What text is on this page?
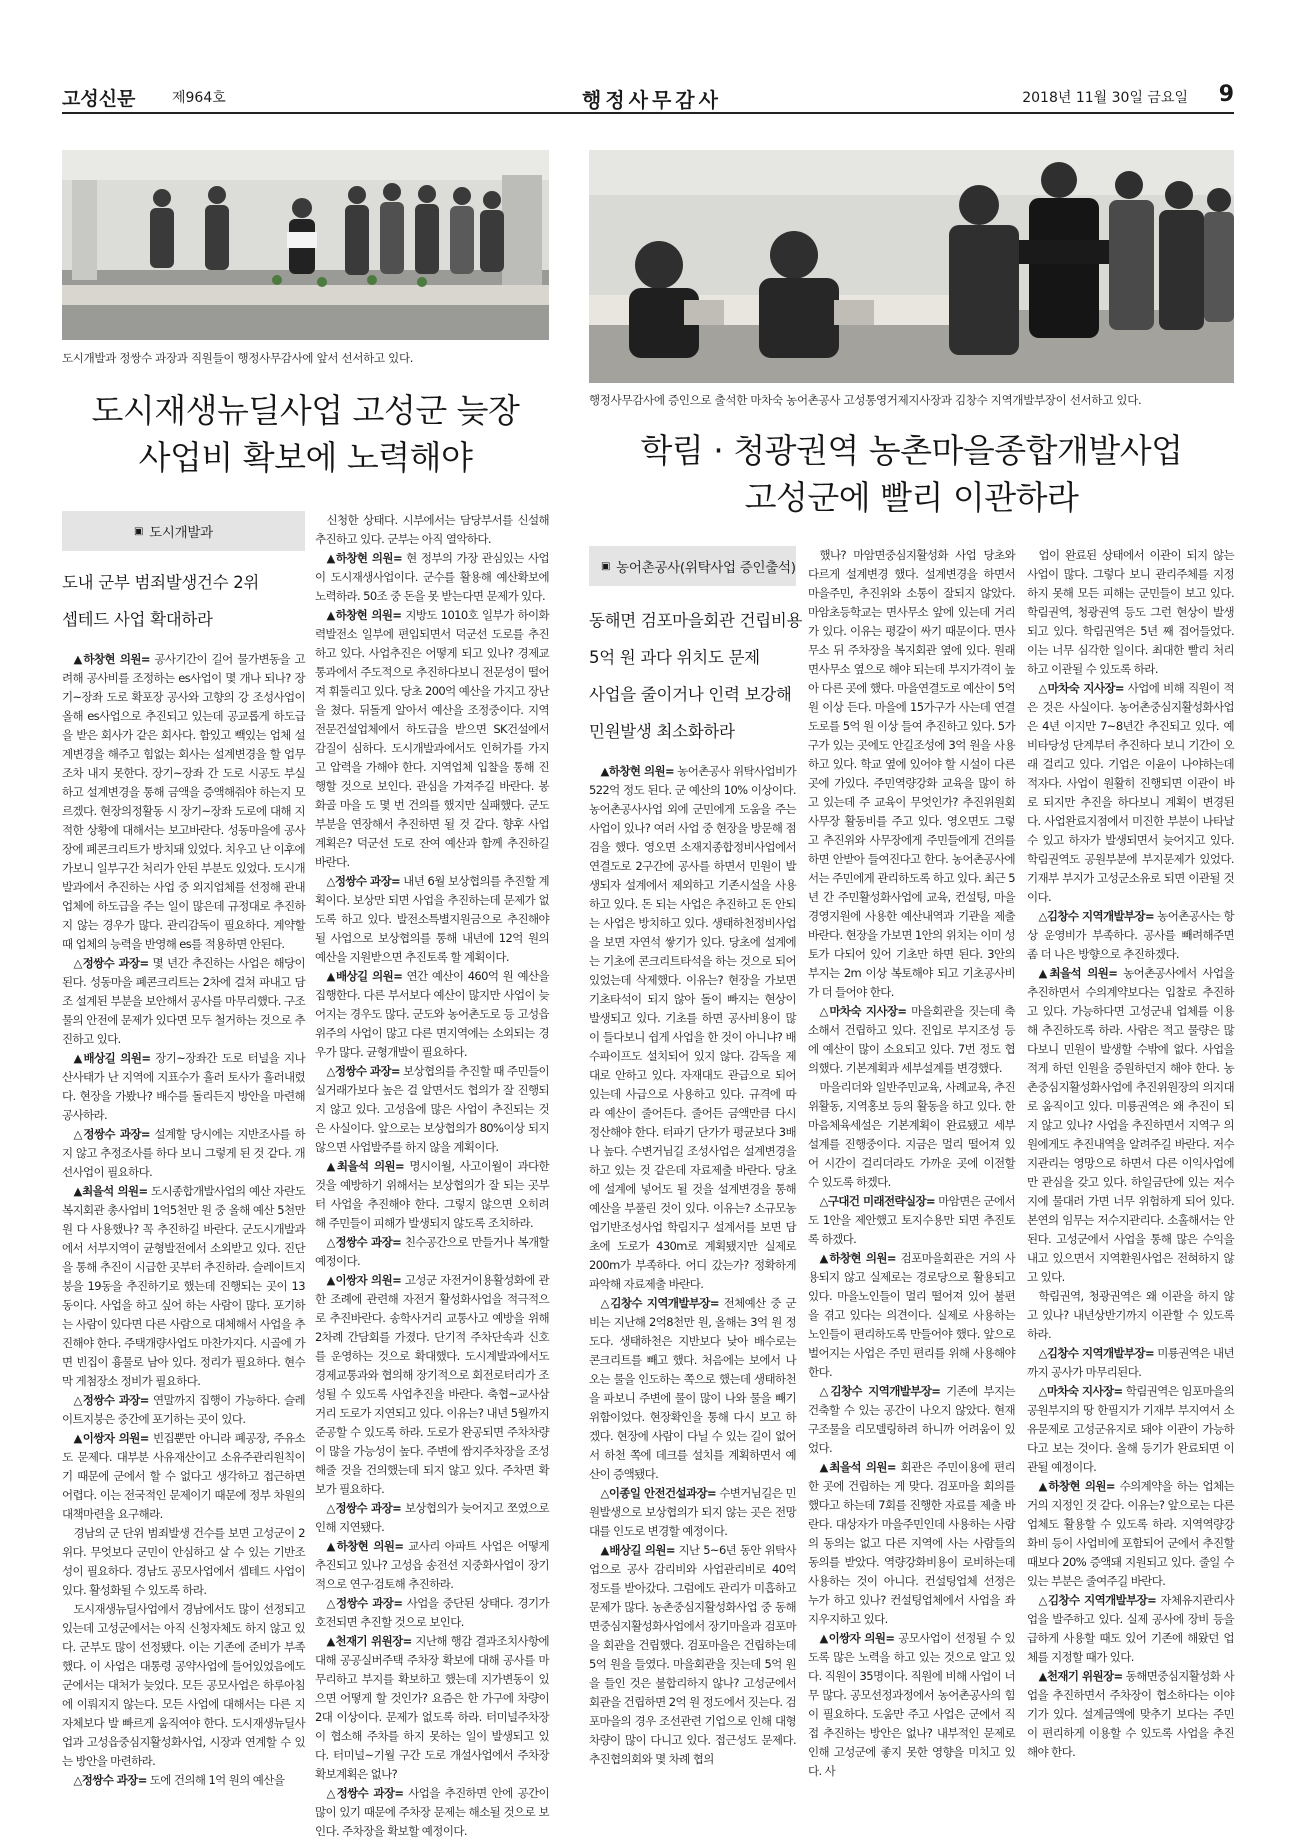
고성신문	제964호	행정사무감사	2018년 11월 30일 금요일 9
도시개발과 정쌍수 과장과 직원들이 행정사무감사에 앞서 선서하고 있다.
행정사무감사에 증인으로 출석한 마차숙 농어촌공사 고성통영거제지사장과 김창수 지역개발부장이 선서하고 있다.
도시재생뉴딜사업 고성군 늦장
사업비 확보에 노력해야	학림 · 청광권역 농촌마을종합개발사업
고성군에 빨리 이관하라
▣ 도시개발과
도내 군부 범죄발생건수 2위
셉테드 사업 확대하라
▣ 농어촌공사(위탁사업 증인출석)
동해면 검포마을회관 건립비용
5억 원 과다 위치도 문제
사업을 줄이거나 인력 보강해
민원발생 최소화하라

▲하창현 의원= 공사기간이 길어 물가변동을 고려해 공사비를 조정하는 es사업이 몇 개나 되나? 장기~장좌 도로 확포장 공사와 고향의 강 조성사업이 올해 es사업으로 추진되고 있는데 공교롭게 하도급을 받은 회사가 같은 회사다. 함있고 빽있는 업체 설계변경을 해주고 힘없는 회사는 설계변경을 할 업무조차 내지 못한다. 장기~장좌 간 도로 시공도 부실하고 설계변경을 통해 금액을 증액해줘야 하는지 모르겠다. 현장의정활동 시 장기~장좌 도로에 대해 지적한 상황에 대해서는 보고바란다. 성동마을에 공사장에 폐콘크리트가 방치돼 있었다. 치우고 난 이후에 가보니 일부구간 처리가 안된 부분도 있었다. 도시개발과에서 추진하는 사업 중 외지업체를 선정해 관내 업체에 하도급을 주는 일이 많은데 규정대로 추진하지 않는 경우가 많다. 관리감독이 필요하다. 계약할 때 업체의 능력을 반영해 es를 적용하면 안된다.

△정쌍수 과장= 몇 년간 추진하는 사업은 해당이 된다. 성동마을 폐콘크리트는 2차에 걸쳐 파내고 담조 설계된 부분을 보안해서 공사를 마무리했다. 구조물의 안전에 문제가 있다면 모두 철거하는 것으로 추진하고 있다.

▲배상길 의원= 장기~장좌간 도로 터널을 지나 산사태가 난 지역에 지표수가 흘러 토사가 흘러내렸다. 현장을 가봤나? 배수를 돌리든지 방안을 마련해 공사하라.

△정쌍수 과장= 설계할 당시에는 지반조사를 하지 않고 추정조사를 하다 보니 그렇게 된 것 같다. 개선사업이 필요하다.

▲최을석 의원= 도시종합개발사업의 예산 자란도 복지회관 총사업비 1억5천만 원 중 올해 예산 5천만 원 다 사용했나? 꼭 추진하길 바란다. 군도시개발과에서 서부지역이 균형발전에서 소외받고 있다. 진단을 통해 추진이 시급한 곳부터 추진하라. 슬레이트지붕을 19동을 추진하기로 했는데 진행되는 곳이 13동이다. 사업을 하고 싶어 하는 사람이 많다. 포기하는 사람이 있다면 다른 사람으로 대체해서 사업을 추진해야 한다. 주택개량사업도 마찬가지다. 시골에 가면 빈집이 흉물로 남아 있다. 정리가 필요하다. 현수막 게첨장소 정비가 필요하다.

△정쌍수 과장= 연말까지 집행이 가능하다. 슬레이트지붕은 중간에 포기하는 곳이 있다.

▲이쌍자 의원= 빈집뿐만 아니라 폐공장, 주유소도 문제다. 대부분 사유재산이고 소유주관리원칙이기 때문에 군에서 할 수 없다고 생각하고 접근하면 어렵다. 이는 전국적인 문제이기 때문에 정부 차원의 대책마련을 요구해라.

경남의 군 단위 범죄발생 건수를 보면 고성군이 2위다. 무엇보다 군민이 안심하고 살 수 있는 기반조성이 필요하다. 경남도 공모사업에서 셉테드 사업이 있다. 활성화될 수 있도록 하라.

도시재생뉴딜사업에서 경남에서도 많이 선정되고 있는데 고성군에서는 아직 신청자체도 하지 않고 있다. 군부도 많이 선정됐다. 이는 기존에 준비가 부족했다. 이 사업은 대통령 공약사업에 들어있었음에도 군에서는 대처가 늦었다. 모든 공모사업은 하루아침에 이뤄지지 않는다. 모든 사업에 대해서는 다른 지자체보다 발 빠르게 움직여야 한다. 도시재생뉴딜사업과 고성읍중심지활성화사업, 시장과 연계할 수 있는 방안을 마련하라.

△정쌍수 과장= 도에 건의해 1억 원의 예산을

신청한 상태다. 시부에서는 담당부서를 신설해 추진하고 있다. 군부는 아직 열악하다.

▲하창현 의원= 현 정부의 가장 관심있는 사업이 도시재생사업이다. 군수를 활용해 예산확보에 노력하라. 50조 중 돈을 못 받는다면 문제가 있다.

▲하창현 의원= 지방도 1010호 일부가 하이화력발전소 일부에 편입되면서 덕군선 도로를 추진하고 있다. 사업추진은 어떻게 되고 있나? 경제교통과에서 주도적으로 추진하다보니 전문성이 떨어져 휘둘리고 있다. 당초 200억 예산을 가지고 장난을 쳤다. 뒤돌게 알아서 예산을 조정중이다. 지역전문건설업체에서 하도급을 받으면 SK건설에서 감질이 심하다. 도시개발과에서도 인허가를 가지고 압력을 가해야 한다. 지역업체 입찰을 통해 진행할 것으로 보인다. 관심을 가져주길 바란다. 봉화골 마을 도 몇 번 건의를 했지만 실패했다. 군도부분을 연장해서 추진하면 될 것 같다. 향후 사업계획은? 덕군선 도로 잔여 예산과 함께 추진하길 바란다.

△정쌍수 과장= 내년 6월 보상협의를 추진할 계획이다. 보상만 되면 사업을 추진하는데 문제가 없도록 하고 있다. 발전소특별지원금으로 추진해야 될 사업으로 보상협의를 통해 내년에 12억 원의 예산을 지원받으면 추진토록 할 계획이다.

▲배상길 의원= 연간 예산이 460억 원 예산을 집행한다. 다른 부서보다 예산이 많지만 사업이 늦어지는 경우도 많다. 군도와 농어촌도로 등 고성읍 위주의 사업이 많고 다른 면지역에는 소외되는 경우가 많다. 균형개발이 필요하다.

△정쌍수 과장= 보상협의를 추진할 때 주민들이 실거래가보다 높은 걸 알면서도 협의가 잘 진행되지 않고 있다. 고성읍에 많은 사업이 추진되는 것은 사실이다. 앞으로는 보상협의가 80%이상 되지 않으면 사업발주를 하지 않을 계획이다.

▲최을석 의원= 명시이월, 사고이월이 과다한 것을 예방하기 위해서는 보상협의가 잘 되는 곳부터 사업을 추진해야 한다. 그렇지 않으면 오히려 해 주민들이 피해가 발생되지 않도록 조치하라.

△정쌍수 과장= 친수공간으로 만들거나 복개할 예정이다.

▲이쌍자 의원= 고성군 자전거이용활성화에 관한 조례에 관련해 자전거 활성화사업을 적극적으로 추진바란다. 송학사거리 교통사고 예방을 위해 2차례 간담회를 가졌다. 단기적 주차단속과 신호를 운영하는 것으로 확대했다. 도시계발과에서도 경제교통과와 협의해 장기적으로 회전로터리가 조성될 수 있도록 사업추진을 바란다. 축협~교사삼거리 도로가 지연되고 있다. 이유는? 내년 5월까지 준공할 수 있도록 하라. 도로가 완공되면 주차차량이 많을 가능성이 높다. 주변에 쌈지주차장을 조성해줄 것을 건의했는데 되지 않고 있다. 주차면 확보가 필요하다.

△정쌍수 과장= 보상협의가 늦어지고 쪼였으로 인해 지연됐다.

▲하창현 의원= 교사리 아파트 사업은 어떻게 추진되고 있나? 고성읍 송전선 지중화사업이 장기적으로 연구·검토해 추진하라.

△정쌍수 과장= 사업을 중단된 상태다. 경기가 호전되면 추진할 것으로 보인다.

▲천재기 위원장= 지난해 행감 결과조치사항에 대해 공공실버주택 주차장 확보에 대해 공사를 마무리하고 부지를 확보하고 했는데 지가변동이 있으면 어떻게 할 것인가? 요즘은 한 가구에 차량이 2대 이상이다. 문제가 없도록 하라. 터미널주차장이 협소해 주차를 하지 못하는 일이 발생되고 있다. 터미널~기월 구간 도로 개설사업에서 주차장 확보계획은 없나?

△정쌍수 과장= 사업을 추진하면 안에 공간이 많이 있기 때문에 주차장 문제는 해소될 것으로 보인다. 주차장을 확보할 예정이다.

▲하창현 의원= 농어촌공사 위탁사업비가 522억 정도 된다. 군 예산의 10% 이상이다. 농어촌공사사업 외에 군민에게 도움을 주는 사업이 있나? 여러 사업 중 현장을 방문해 점검을 했다. 영오면 소재지종합정비사업에서 연결도로 2구간에 공사를 하면서 민원이 발생되자 설계에서 제외하고 기존시설을 사용하고 있다. 돈 되는 사업은 추진하고 돈 안되는 사업은 방치하고 있다. 생태하천정비사업을 보면 자연석 쌓기가 있다. 당초에 설계에는 기초에 콘크리트타석을 하는 것으로 되어 있었는데 삭제했다. 이유는? 현장을 가보면 기초타석이 되지 않아 돌이 빠지는 현상이 발생되고 있다. 기초를 하면 공사비용이 많이 들다보니 쉽게 사업을 한 것이 아니냐? 배수파이프도 설치되어 있지 않다. 감독을 제대로 안하고 있다. 자재대도 관급으로 되어 있는데 사급으로 사용하고 있다. 규격에 따라 예산이 줄어든다. 줄어든 금액만큼 다시 정산해야 한다. 터파기 단가가 평균보다 3배나 높다. 수변거님길 조성사업은 설계변경을 하고 있는 것 같은데 자료제출 바란다. 당초에 설계에 넣어도 될 것을 설계변경을 통해 예산을 부풀린 것이 있다. 이유는? 소규모농업기반조성사업 학림지구 설계서를 보면 담초에 도로가 430m로 계획됐지만 실제로 200m가 부족하다. 어디 갔는가? 정확하게 파악해 자료제출 바란다.

△김창수 지역개발부장= 전체예산 중 군비는 지난해 2억8천만 원, 올해는 3억 원 정도다. 생태하천은 지반보다 낮아 배수로는 콘크리트를 빼고 했다. 처음에는 보에서 나오는 물을 인도하는 쪽으로 했는데 생태하천을 파보니 주변에 물이 많이 나와 물을 빼기 위함이었다. 현장확인을 통해 다시 보고 하겠다. 현장에 사람이 다닐 수 있는 길이 없어서 하천 쪽에 데크를 설치를 계획하면서 예산이 증액됐다.

△이종일 안전건설과장= 수변거님길은 민원발생으로 보상협의가 되지 않는 곳은 전망대를 인도로 변경할 예정이다.

▲배상길 의원= 지난 5~6년 동안 위탁사업으로 공사 감리비와 사업관리비로 40억 정도를 받아갔다. 그럼에도 관리가 미흡하고 문제가 많다. 농촌중심지활성화사업 중 동해면중심지활성화사업에서 장기마을과 검포마을 회관을 건립했다. 검포마을은 건립하는데 5억 원을 들였다. 마을회관을 짓는데 5억 원을 들인 것은 불합리하지 않나? 고성군에서 회관을 건립하면 2억 원 정도에서 짓는다. 검포마을의 경우 조선관련 기업으로 인해 대형차량이 많이 다니고 있다. 접근성도 문제다. 추진협의회와 몇 차례 협의

했나? 마암면중심지활성화 사업 당초와 다르게 설계변경 했다. 설계변경을 하면서 마을주민, 추진위와 소통이 잘되지 않았다. 마암초등학교는 면사무소 앞에 있는데 거리가 있다. 이유는 평갈이 싸기 때문이다. 면사무소 뒤 주차장을 복지회관 옆에 있다. 원래 면사무소 옆으로 해야 되는데 부지가격이 높아 다른 곳에 했다. 마을연결도로 예산이 5억 원 이상 든다. 마을에 15가구가 사는데 연결도로를 5억 원 이상 들여 추진하고 있다. 5가구가 있는 곳에도 안길조성에 3억 원을 사용하고 있다. 학교 옆에 있어야 할 시설이 다른 곳에 가있다. 주민역량강화 교육을 많이 하고 있는데 주 교육이 무엇인가? 추진위원회 사무장 활동비를 주고 있다. 영오면도 그렇고 추진위와 사무장에게 주민들에게 건의를 하면 안받아 들여진다고 한다. 농어촌공사에서는 주민에게 관리하도록 하고 있다. 최근 5년 간 주민활성화사업에 교육, 컨설팅, 마을경영지원에 사용한 예산내역과 기관을 제출 바란다. 현장을 가보면 1안의 위치는 이미 성토가 다되어 있어 기초만 하면 된다. 3안의 부지는 2m 이상 복토해야 되고 기초공사비가 더 들어야 한다.

△마차숙 지사장= 마을회관을 짓는데 축소해서 건립하고 있다. 진입로 부지조성 등에 예산이 많이 소요되고 있다. 7번 정도 협의했다. 기본계획과 세부설계를 변경했다.

마을리더와 일반주민교육, 사례교육, 추진위활동, 지역홍보 등의 활동을 하고 있다. 한마음체육세설은 기본계획이 완료됐고 세부설계를 진행중이다. 지금은 멀리 떨어져 있어 시간이 걸리더라도 가까운 곳에 이전할 수 있도록 하겠다.

△구대건 미래전략실장= 마암면은 군에서도 1안을 제안했고 토지수용만 되면 추진토록 하겠다.

▲하창현 의원= 검포마을회관은 거의 사용되지 않고 실제로는 경로당으로 활용되고 있다. 마을노인들이 멀리 떨어져 있어 불편을 겪고 있다는 의견이다. 실제로 사용하는 노인들이 편리하도록 만들어야 했다. 앞으로 벌어지는 사업은 주민 편리를 위해 사용해야 한다.

△김창수 지역개발부장= 기존에 부지는 건축할 수 있는 공간이 나오지 않았다. 현재 구조물을 리모델링하려 하니까 어려움이 있었다.

▲최을석 의원= 회관은 주민이용에 편리한 곳에 건립하는 게 맞다. 검포마을 회의를 했다고 하는데 7회를 진행한 자료를 제출 바란다. 대상자가 마을주민인데 사용하는 사람의 동의는 없고 다른 지역에 사는 사람들의 동의를 받았다. 역량강화비용이 로비하는데 사용하는 것이 아니다. 컨설팅업체 선정은 누가 하고 있나? 컨설팅업체에서 사업을 좌지우지하고 있다.

▲이쌍자 의원= 공모사업이 선정될 수 있도록 많은 노력을 하고 있는 것으로 알고 있다. 직원이 35명이다. 직원에 비해 사업이 너무 많다. 공모선정과정에서 농어촌공사의 힘이 필요하다. 도움만 주고 사업은 군에서 직접 추진하는 방안은 없나? 내부적인 문제로 인해 고성군에 좋지 못한 영향을 미치고 있다. 사

업이 완료된 상태에서 이관이 되지 않는 사업이 많다. 그렇다 보니 관리주체를 지정하지 못해 모든 피해는 군민들이 보고 있다. 학림권역, 청광권역 등도 그런 현상이 발생되고 있다. 학림권역은 5년 째 접어들었다. 이는 너무 심각한 일이다. 최대한 빨리 처리하고 이관될 수 있도록 하라.

△마차숙 지사장= 사업에 비해 직원이 적은 것은 사실이다. 농어촌중심지활성화사업은 4년 이지만 7~8년간 추진되고 있다. 예비타당성 단계부터 추진하다 보니 기간이 오래 걸리고 있다. 기업은 이윤이 나야하는데 적자다. 사업이 원활히 진행되면 이관이 바로 되지만 추진을 하다보니 계획이 변경된다. 사업완료지점에서 미진한 부분이 나타날 수 있고 하자가 발생되면서 늦어지고 있다. 학림권역도 공원부분에 부지문제가 있었다. 기재부 부지가 고성군소유로 되면 이관될 것이다.

△김창수 지역개발부장= 농어촌공사는 항상 운영비가 부족하다. 공사를 빼려해주면 좀 더 나은 방향으로 추진하겠다.

▲최을석 의원= 농어촌공사에서 사업을 추진하면서 수의계약보다는 입찰로 추진하고 있다. 가능하다면 고성군내 업체를 이용해 추진하도록 하라. 사람은 적고 물량은 많다보니 민원이 발생할 수밖에 없다. 사업을 적게 하던 인원을 증원하던지 해야 한다. 농촌중심지활성화사업에 추진위원장의 의지대로 움직이고 있다. 미룡권역은 왜 추진이 되지 않고 있나? 사업을 추진하면서 지역구 의원에게도 추진내역을 알려주길 바란다. 저수지관리는 영망으로 하면서 다른 이익사업에만 관심을 갖고 있다. 하일금단에 있는 저수지에 물대러 가면 너무 위험하게 되어 있다. 본연의 임무는 저수지관리다. 소홀해서는 안된다. 고성군에서 사업을 통해 많은 수익을 내고 있으면서 지역환원사업은 전혀하지 않고 있다.

학림권역, 청광권역은 왜 이관을 하지 않고 있나? 내년상반기까지 이관할 수 있도록 하라.

△김창수 지역개발부장= 미룡권역은 내년까지 공사가 마무리된다.

△마차숙 지사장= 학림권역은 임포마을의 공원부지의 땅 한필지가 기재부 부지여서 소유문제로 고성군유지로 돼야 이관이 가능하다고 보는 것이다. 올해 등기가 완료되면 이관될 예정이다.

▲하창현 의원= 수의계약을 하는 업체는 거의 지정인 것 같다. 이유는? 앞으로는 다른 업체도 활용할 수 있도록 하라. 지역역량강화비 등이 사업비에 포함되어 군에서 추진할 때보다 20% 증액돼 지원되고 있다. 줄일 수 있는 부분은 줄여주길 바란다.

△김창수 지역개발부장= 자체유지관리사업을 발주하고 있다. 실제 공사에 장비 등을 급하게 사용할 때도 있어 기존에 해왔던 업체를 지정할 때가 있다.

▲천재기 위원장= 동해면중심지활성화 사업을 추진하면서 주차장이 협소하다는 이야기가 있다. 설계금액에 맞추기 보다는 주민이 편리하게 이용할 수 있도록 사업을 추진해야 한다.
